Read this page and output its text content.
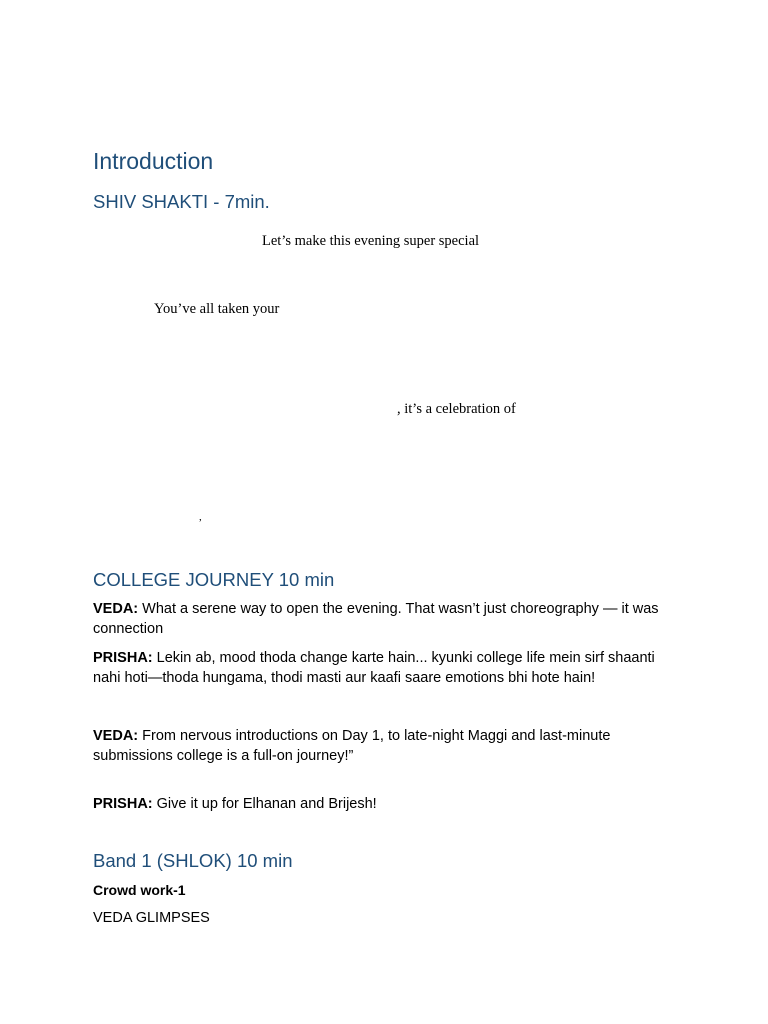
Introduction
SHIV SHAKTI - 7min.

Let’s make this evening super special

You’ve all taken your

, it’s a celebration of

,

COLLEGE JOURNEY 10 min

VEDA: What a serene way to open the evening. That wasn’t just choreography — it was connection

PRISHA: Lekin ab, mood thoda change karte hain... kyunki college life mein sirf shaanti nahi hoti—thoda hungama, thodi masti aur kaafi saare emotions bhi hote hain!

VEDA: From nervous introductions on Day 1, to late-night Maggi and last-minute submissions college is a full-on journey!”

PRISHA: Give it up for Elhanan and Brijesh!

Band 1 (SHLOK) 10 min

Crowd work-1

VEDA GLIMPSES
